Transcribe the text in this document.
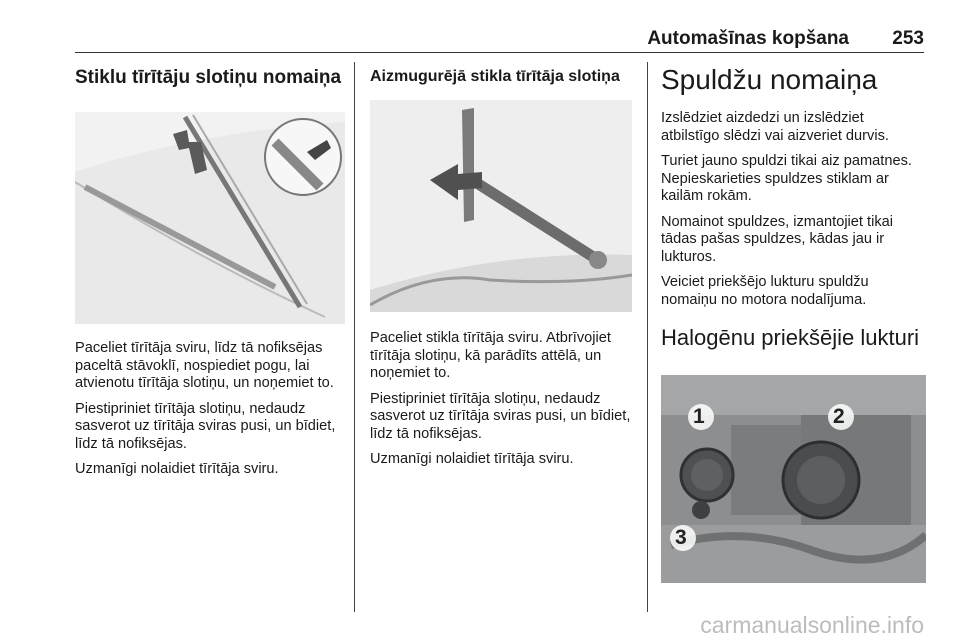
Automašīnas kopšana 253
Stiklu tīrītāju slotiņu nomaiņa

Paceliet tīrītāja sviru, līdz tā nofiksējas paceltā stāvoklī, nospiediet pogu, lai atvienotu tīrītāja slotiņu, un noņemiet to.

Piestipriniet tīrītāja slotiņu, nedaudz sasverot uz tīrītāja sviras pusi, un bīdiet, līdz tā nofiksējas.

Uzmanīgi nolaidiet tīrītāja sviru.

Aizmugurējā stikla tīrītāja slotiņa

Paceliet stikla tīrītāja sviru. Atbrīvojiet tīrītāja slotiņu, kā parādīts attēlā, un noņemiet to.

Piestipriniet tīrītāja slotiņu, nedaudz sasverot uz tīrītāja sviras pusi, un bīdiet, līdz tā nofiksējas.

Uzmanīgi nolaidiet tīrītāja sviru.

Spuldžu nomaiņa

Izslēdziet aizdedzi un izslēdziet atbilstīgo slēdzi vai aizveriet durvis.

Turiet jauno spuldzi tikai aiz pamatnes. Nepieskarieties spuldzes stiklam ar kailām rokām.

Nomainot spuldzes, izmantojiet tikai tādas pašas spuldzes, kādas jau ir lukturos.

Veiciet priekšējo lukturu spuldžu nomaiņu no motora nodalījuma.

Halogēnu priekšējie lukturi
1	2
3
carmanualsonline.info
